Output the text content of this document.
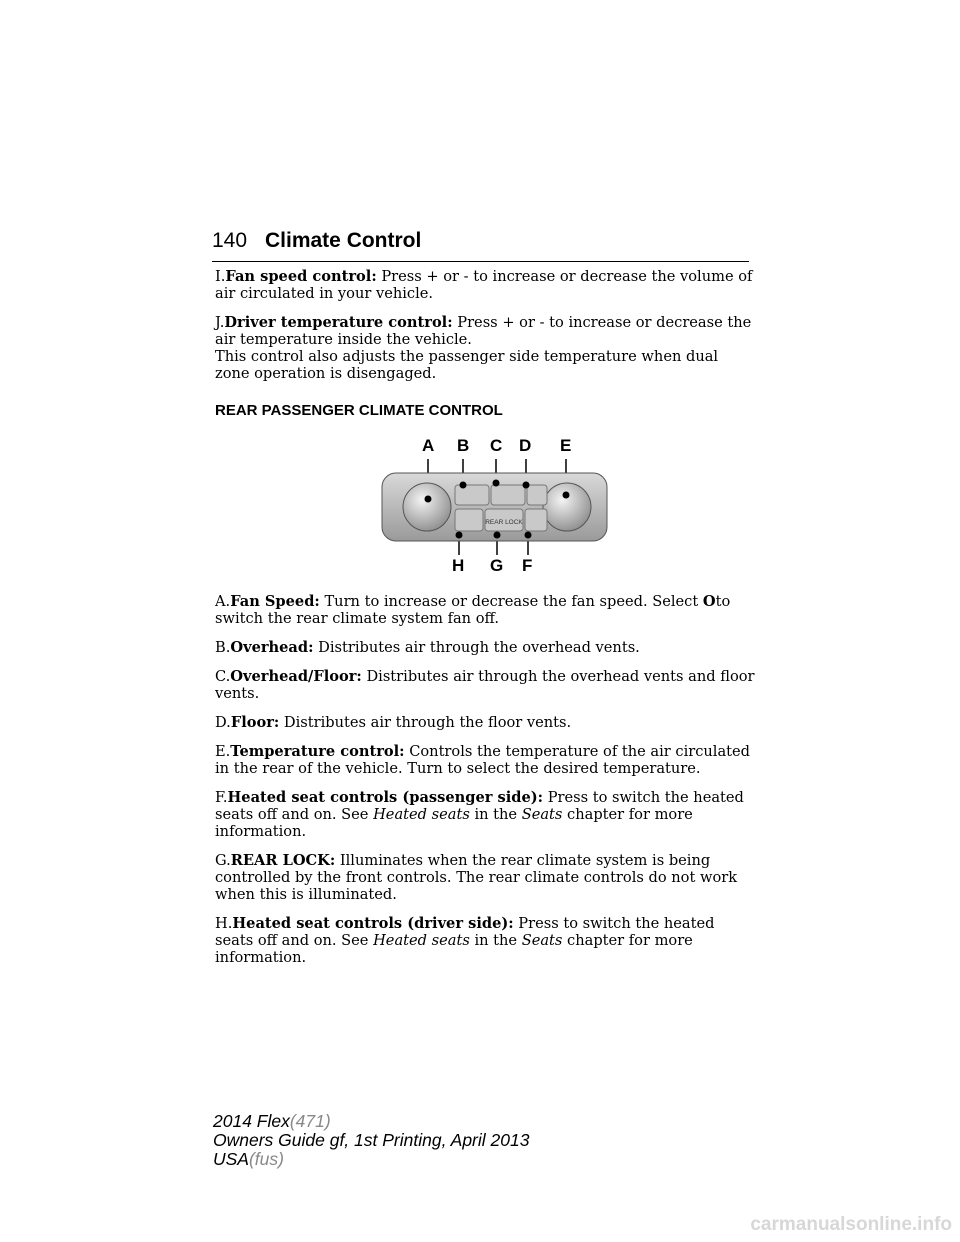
140 Climate Control

I.Fan speed control: Press + or - to increase or decrease the volume of air circulated in your vehicle.

J.Driver temperature control: Press + or - to increase or decrease the air temperature inside the vehicle.
This control also adjusts the passenger side temperature when dual zone operation is disengaged.

REAR PASSENGER CLIMATE CONTROL
A B C D E
REAR LOCK
H G F

A.Fan Speed: Turn to increase or decrease the fan speed. Select Oto switch the rear climate system fan off.

B.Overhead: Distributes air through the overhead vents.

C.Overhead/Floor: Distributes air through the overhead vents and floor vents.

D.Floor: Distributes air through the floor vents.

E.Temperature control: Controls the temperature of the air circulated in the rear of the vehicle. Turn to select the desired temperature.

F.Heated seat controls (passenger side): Press to switch the heated seats off and on. See Heated seats in the Seats chapter for more information.

G.REAR LOCK: Illuminates when the rear climate system is being controlled by the front controls. The rear climate controls do not work when this is illuminated.

H.Heated seat controls (driver side): Press to switch the heated seats off and on. See Heated seats in the Seats chapter for more information.

2014 Flex(471)
Owners Guide gf, 1st Printing, April 2013
USA(fus)
carmanualsonline.info
